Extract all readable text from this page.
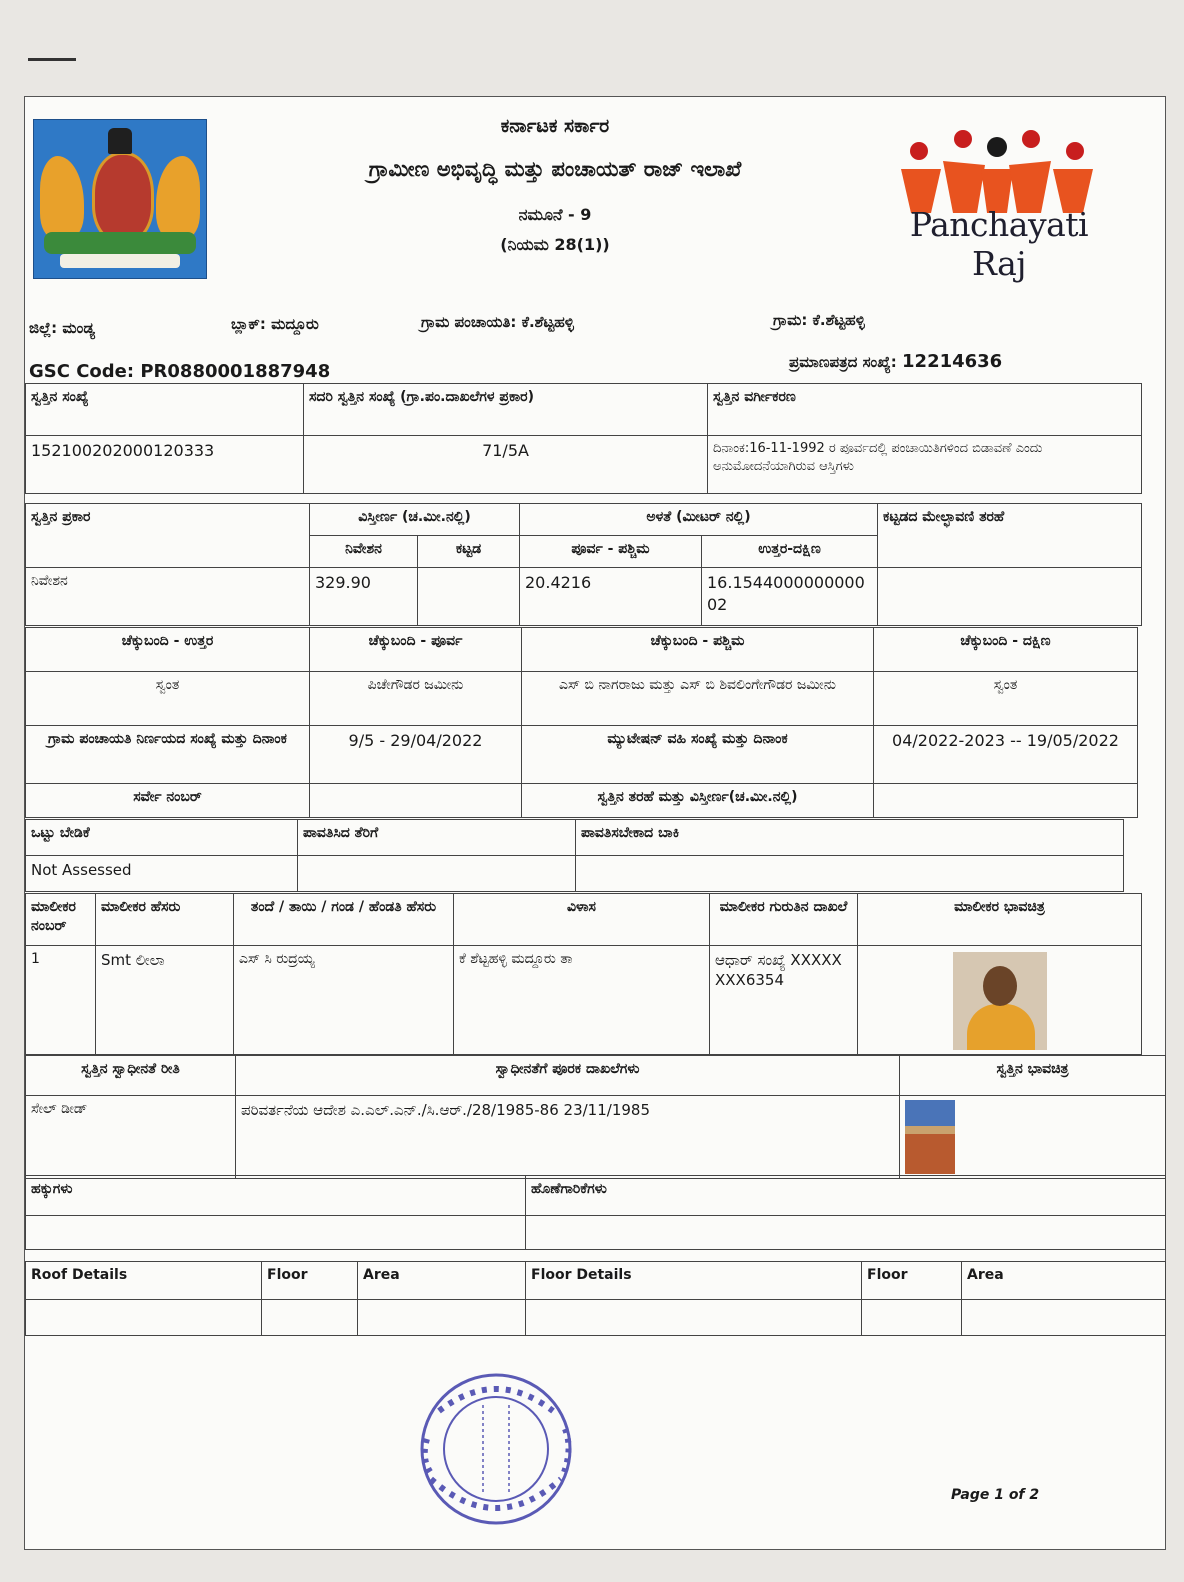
ಕರ್ನಾಟಕ ಸರ್ಕಾರ
ಗ್ರಾಮೀಣ ಅಭಿವೃದ್ಧಿ ಮತ್ತು ಪಂಚಾಯತ್ ರಾಜ್ ಇಲಾಖೆ
ನಮೂನೆ - 9
(ನಿಯಮ 28(1))
Panchayati Raj
ಜಿಲ್ಲೆ: ಮಂಡ್ಯ	ಬ್ಲಾಕ್: ಮದ್ದೂರು	ಗ್ರಾಮ ಪಂಚಾಯತಿ: ಕೆ.ಶೆಟ್ಟಹಳ್ಳಿ	ಗ್ರಾಮ: ಕೆ.ಶೆಟ್ಟಹಳ್ಳಿ
GSC Code: PR0880001887948	ಪ್ರಮಾಣಪತ್ರದ ಸಂಖ್ಯೆ: 12214636
ಸ್ವತ್ತಿನ ಸಂಖ್ಯೆ	ಸದರಿ ಸ್ವತ್ತಿನ ಸಂಖ್ಯೆ (ಗ್ರಾ.ಪಂ.ದಾಖಲೆಗಳ ಪ್ರಕಾರ)	ಸ್ವತ್ತಿನ ವರ್ಗೀಕರಣ
152100202000120333	71/5A	ದಿನಾಂಕ:16-11-1992 ರ ಪೂರ್ವದಲ್ಲಿ ಪಂಚಾಯಿತಿಗಳಿಂದ ಬಿಡಾವಣೆ ಎಂದು ಅನುಮೋದನೆಯಾಗಿರುವ ಆಸ್ತಿಗಳು
ಸ್ವತ್ತಿನ ಪ್ರಕಾರ	ವಿಸ್ತೀರ್ಣ (ಚ.ಮೀ.ನಲ್ಲಿ)		ಅಳತೆ (ಮೀಟರ್ ನಲ್ಲಿ)		ಕಟ್ಟಡದ ಮೇಲ್ಛಾವಣಿ ತರಹೆ
	ನಿವೇಶನ	ಕಟ್ಟಡ	ಪೂರ್ವ - ಪಶ್ಚಿಮ	ಉತ್ತರ-ದಕ್ಷಿಣ	
ನಿವೇಶನ	329.90		20.4216	16.154400000000002	
ಚೆಕ್ಕುಬಂದಿ - ಉತ್ತರ	ಚೆಕ್ಕುಬಂದಿ - ಪೂರ್ವ	ಚೆಕ್ಕುಬಂದಿ - ಪಶ್ಚಿಮ	ಚೆಕ್ಕುಬಂದಿ - ದಕ್ಷಿಣ
ಸ್ವಂತ	ಪಿಚೇಗೌಡರ ಜಮೀನು	ಎಸ್ ಬಿ ನಾಗರಾಜು ಮತ್ತು ಎಸ್ ಬಿ ಶಿವಲಿಂಗೇಗೌಡರ ಜಮೀನು	ಸ್ವಂತ
ಗ್ರಾಮ ಪಂಚಾಯತಿ ನಿರ್ಣಯದ ಸಂಖ್ಯೆ ಮತ್ತು ದಿನಾಂಕ	9/5 - 29/04/2022	ಮ್ಯುಟೇಷನ್ ವಹಿ ಸಂಖ್ಯೆ ಮತ್ತು ದಿನಾಂಕ	04/2022-2023 -- 19/05/2022
ಸರ್ವೇ ನಂಬರ್		ಸ್ವತ್ತಿನ ತರಹೆ ಮತ್ತು ವಿಸ್ತೀರ್ಣ(ಚ.ಮೀ.ನಲ್ಲಿ)	
ಒಟ್ಟು ಬೇಡಿಕೆ	ಪಾವತಿಸಿದ ತೆರಿಗೆ	ಪಾವತಿಸಬೇಕಾದ ಬಾಕಿ
Not Assessed		
ಮಾಲೀಕರ ನಂಬರ್	ಮಾಲೀಕರ ಹೆಸರು	ತಂದೆ / ತಾಯಿ / ಗಂಡ / ಹೆಂಡತಿ ಹೆಸರು	ವಿಳಾಸ	ಮಾಲೀಕರ ಗುರುತಿನ ದಾಖಲೆ	ಮಾಲೀಕರ ಭಾವಚಿತ್ರ
1	Smt ಲೀಲಾ	ಎಸ್ ಸಿ ರುದ್ರಯ್ಯ	ಕೆ ಶೆಟ್ಟಹಳ್ಳಿ ಮದ್ದೂರು ತಾ	ಆಧಾರ್ ಸಂಖ್ಯೆ XXXXXXXX6354	
ಸ್ವತ್ತಿನ ಸ್ವಾಧೀನತೆ ರೀತಿ	ಸ್ವಾಧೀನತೆಗೆ ಪೂರಕ ದಾಖಲೆಗಳು	ಸ್ವತ್ತಿನ ಭಾವಚಿತ್ರ
ಸೇಲ್ ಡೀಡ್	ಪರಿವರ್ತನೆಯ ಆದೇಶ ಎ.ಎಲ್.ಎನ್./ಸಿ.ಆರ್./28/1985-86 23/11/1985	
ಹಕ್ಕುಗಳು	ಹೊಣೆಗಾರಿಕೆಗಳು

Roof Details	Floor	Area	Floor Details	Floor	Area

Page 1 of 2
